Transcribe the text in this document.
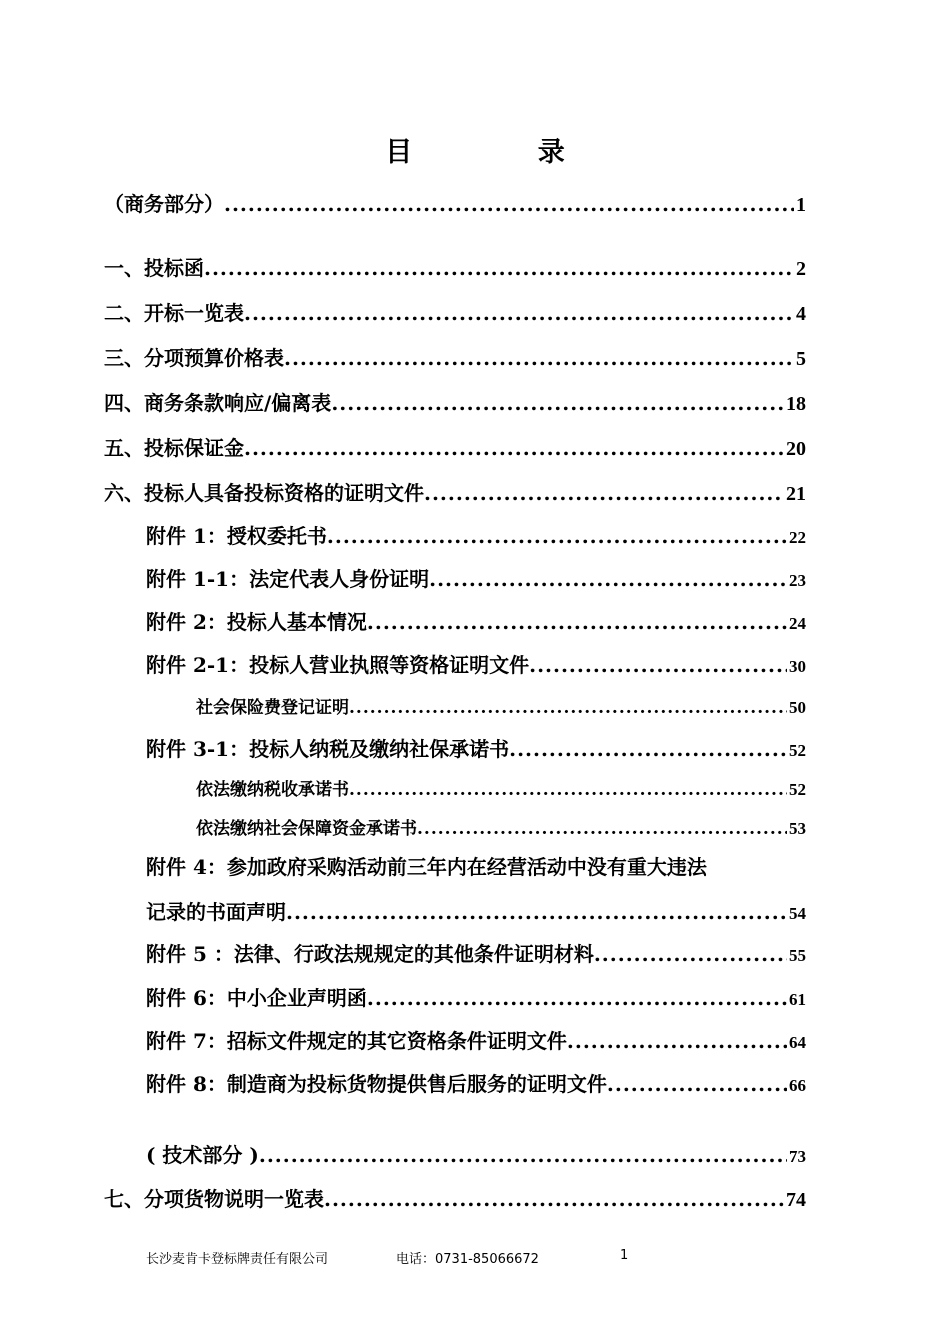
目 录
（商务部分） .....	1
一、投标函 .....	2
二、开标一览表 .....	4
三、分项预算价格表 .....	5
四、商务条款响应/偏离表 .....	18
五、投标保证金 .....	20
六、投标人具备投标资格的证明文件 .....	21
附件 1：授权委托书 .....	22
附件 1-1：法定代表人身份证明 .....	23
附件 2：投标人基本情况 .....	24
附件 2-1：投标人营业执照等资格证明文件 .....	30
社会保险费登记证明 .....	50
附件 3-1：投标人纳税及缴纳社保承诺书 .....	52
依法缴纳税收承诺书 .....	52
依法缴纳社会保障资金承诺书 .....	53
附件 4：参加政府采购活动前三年内在经营活动中没有重大违法
记录的书面声明 .....	54
附件 5 ：法律、行政法规规定的其他条件证明材料 .....	55
附件 6：中小企业声明函 .....	61
附件 7：招标文件规定的其它资格条件证明文件 .....	64
附件 8：制造商为投标货物提供售后服务的证明文件 .....	66
( 技术部分 ) .....	73
七、分项货物说明一览表 .....	74
长沙麦肯卡登标牌责任有限公司	电话：0731-85066672	1
